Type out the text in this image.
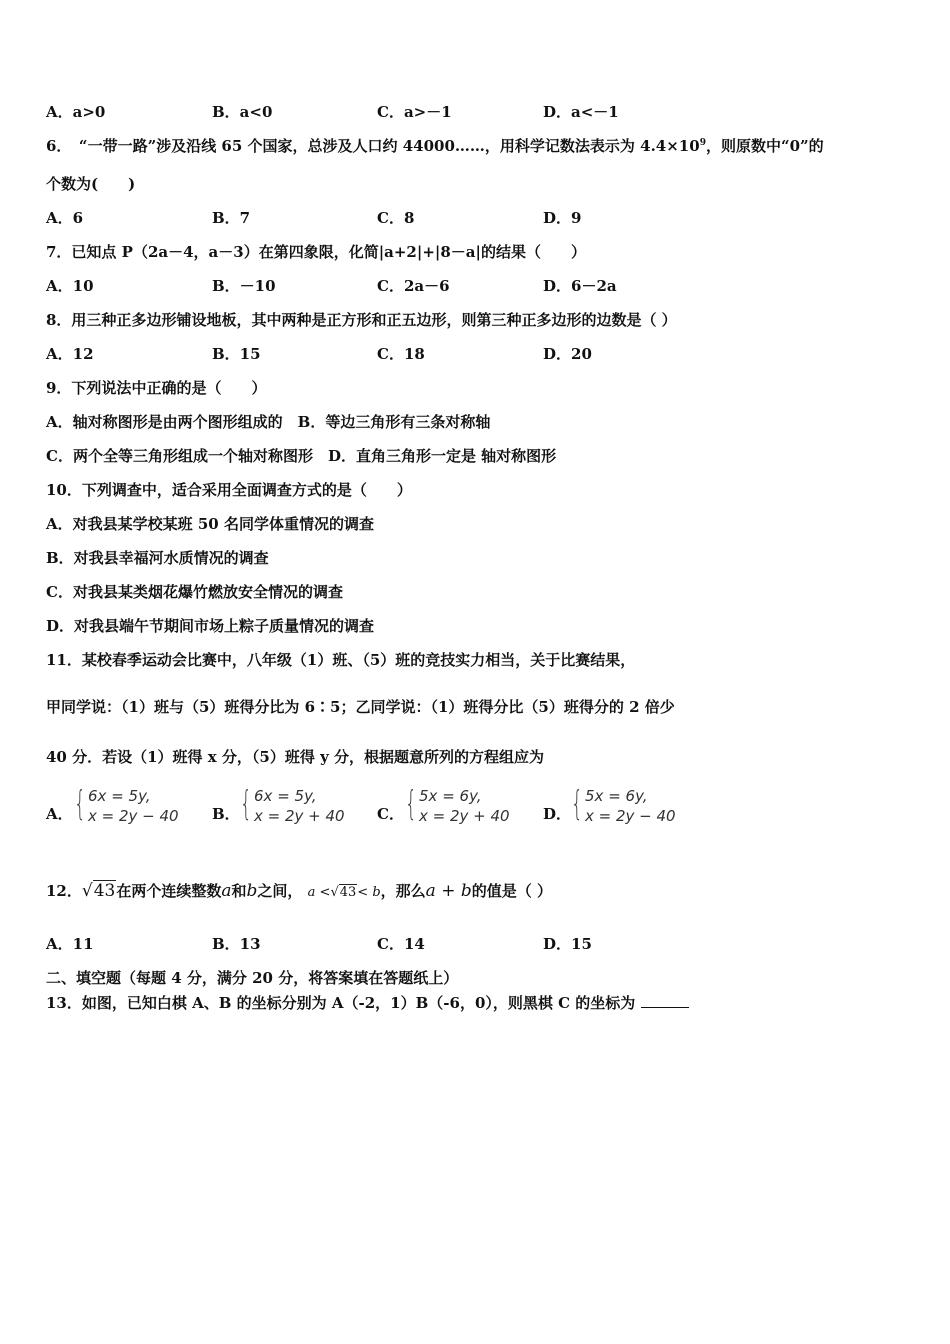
A．a>0	B．a<0	C．a>－1	D．a<－1
6．　“一带一路”涉及沿线 65 个国家，总涉及人口约 44000……，用科学记数法表示为 $4.4\times 10^9$，则原数中“0”的
个数为(　　)
A．6	B．7	C．8	D．9
7．已知点 P（2a－4，a－3）在第四象限，化简|a+2|+|8－a|的结果（　　）
A．10	B．－10	C．2a－6	D．6－2a
8．用三种正多边形铺设地板，其中两种是正方形和正五边形，则第三种正多边形的边数是（ ）
A．12	B．15	C．18	D．20
9．下列说法中正确的是（　　）
A．轴对称图形是由两个图形组成的　B．等边三角形有三条对称轴
C．两个全等三角形组成一个轴对称图形　D．直角三角形一定是 轴对称图形
10．下列调查中，适合采用全面调查方式的是（　　）
A．对我县某学校某班 50 名同学体重情况的调查
B．对我县幸福河水质情况的调查
C．对我县某类烟花爆竹燃放安全情况的调查
D．对我县端午节期间市场上粽子质量情况的调查
11．某校春季运动会比赛中，八年级（1）班、（5）班的竞技实力相当，关于比赛结果，
甲同学说：（1）班与（5）班得分比为 6∶5；乙同学说：（1）班得分比（5）班得分的 2 倍少
40 分．若设（1）班得 x 分，（5）班得 y 分，根据题意所列的方程组应为
A． { 6x = 5y,
x = 2y − 40 B． { 6x = 5y,
x = 2y + 40 C． { 5x = 6y,
x = 2y + 40 D． { 5x = 6y,
x = 2y − 40
12．√43在两个连续整数a和b之间， a <√43< b，那么a + b的值是（ ）
A．11	B．13	C．14	D．15
二、填空题（每题 4 分，满分 20 分，将答案填在答题纸上）
13．如图，已知白棋 A、B 的坐标分别为 A（-2，1）B（-6，0），则黑棋 C 的坐标为
